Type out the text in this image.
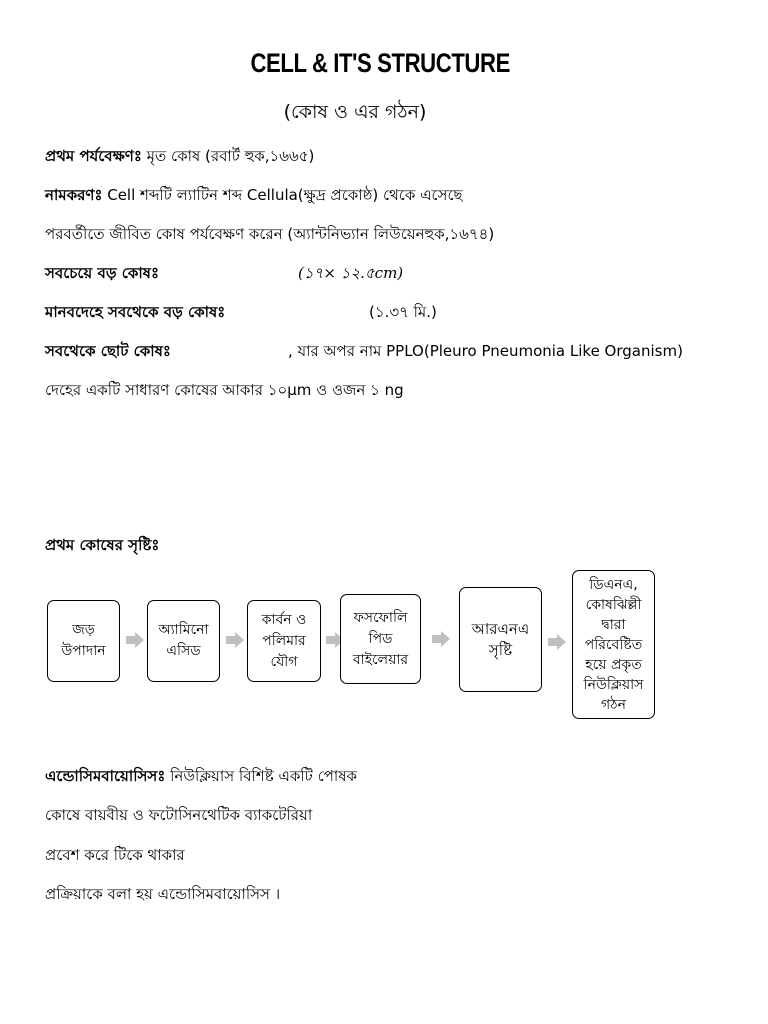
CELL & IT'S STRUCTURE
(কোষ ও এর গঠন)
প্রথম পর্যবেক্ষণঃ মৃত কোষ (রবার্ট হুক,১৬৬৫)
নামকরণঃ Cell শব্দটি ল্যাটিন শব্দ Cellula(ক্ষুদ্র প্রকোষ্ঠ) থেকে এসেছে
পরবর্তীতে জীবিত কোষ পর্যবেক্ষণ করেন (অ্যান্টনিভ্যান লিউয়েনহুক,১৬৭৪)
সবচেয়ে বড় কোষঃ	(১৭× ১২.৫cm)
মানবদেহে সবথেকে বড় কোষঃ	(১.৩৭ মি.)
সবথেকে ছোট কোষঃ	, যার অপর নাম PPLO(Pleuro Pneumonia Like Organism)
দেহের একটি সাধারণ কোষের আকার ১০µm ও ওজন ১ ng
প্রথম কোষের সৃষ্টিঃ
জড়
উপাদান
অ্যামিনো
এসিড
কার্বন ও
পলিমার
যৌগ
ফসফোলি
পিড
বাইলেয়ার
আরএনএ
সৃষ্টি
ডিএনএ,
কোষঝিল্লী
দ্বারা
পরিবেষ্টিত
হয়ে প্রকৃত
নিউক্লিয়াস
গঠন
এন্ডোসিমবায়োসিসঃ নিউক্লিয়াস বিশিষ্ট একটি পোষক
কোষে বায়বীয় ও ফটোসিনথেটিক ব্যাকটেরিয়া
প্রবেশ করে টিকে থাকার
প্রক্রিয়াকে বলা হয় এন্ডোসিমবায়োসিস ।
